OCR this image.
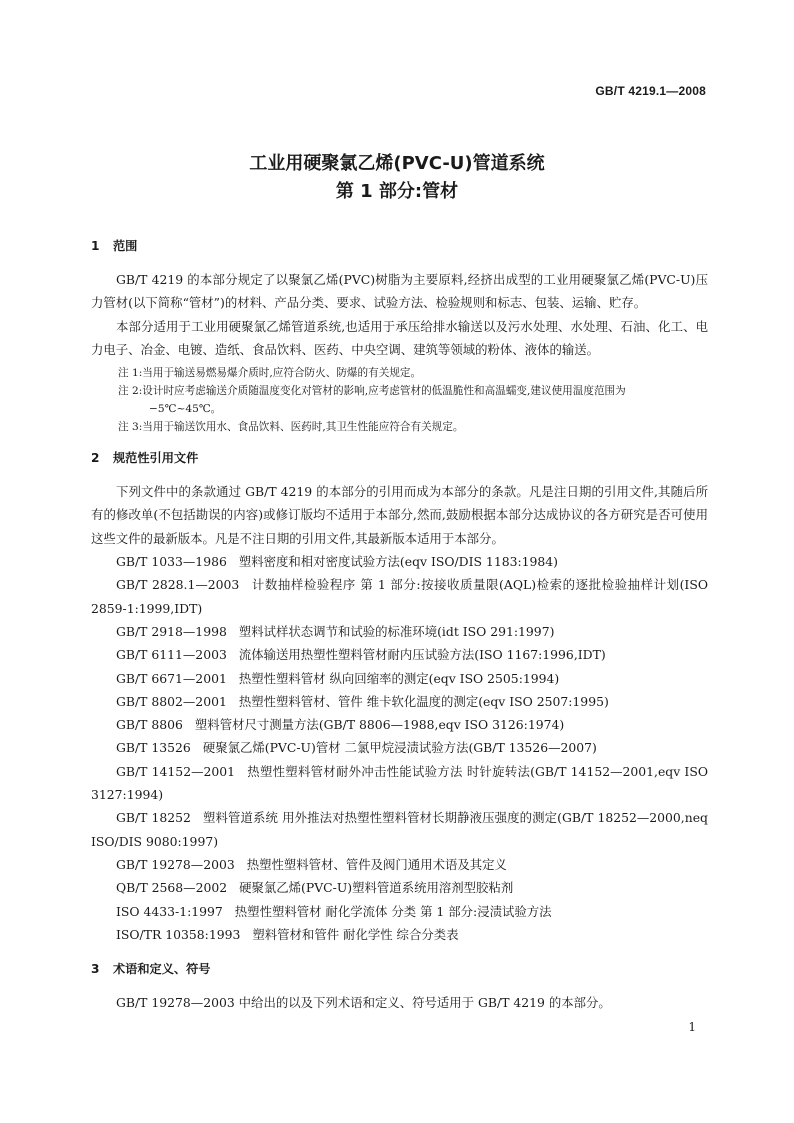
GB/T 4219.1—2008
工业用硬聚氯乙烯(PVC-U)管道系统
第 1 部分:管材
1 范围

GB/T 4219 的本部分规定了以聚氯乙烯(PVC)树脂为主要原料,经挤出成型的工业用硬聚氯乙烯(PVC-U)压力管材(以下简称“管材”)的材料、产品分类、要求、试验方法、检验规则和标志、包装、运输、贮存。

本部分适用于工业用硬聚氯乙烯管道系统,也适用于承压给排水输送以及污水处理、水处理、石油、化工、电力电子、冶金、电镀、造纸、食品饮料、医药、中央空调、建筑等领域的粉体、液体的输送。

注 1:当用于输送易燃易爆介质时,应符合防火、防爆的有关规定。

注 2:设计时应考虑输送介质随温度变化对管材的影响,应考虑管材的低温脆性和高温蠕变,建议使用温度范围为

−5℃~45℃。

注 3:当用于输送饮用水、食品饮料、医药时,其卫生性能应符合有关规定。

2 规范性引用文件

下列文件中的条款通过 GB/T 4219 的本部分的引用而成为本部分的条款。凡是注日期的引用文件,其随后所有的修改单(不包括勘误的内容)或修订版均不适用于本部分,然而,鼓励根据本部分达成协议的各方研究是否可使用这些文件的最新版本。凡是不注日期的引用文件,其最新版本适用于本部分。

GB/T 1033—1986 塑料密度和相对密度试验方法(eqv ISO/DIS 1183:1984)

GB/T 2828.1—2003 计数抽样检验程序 第 1 部分:按接收质量限(AQL)检索的逐批检验抽样计划(ISO 2859-1:1999,IDT)

GB/T 2918—1998 塑料试样状态调节和试验的标准环境(idt ISO 291:1997)

GB/T 6111—2003 流体输送用热塑性塑料管材耐内压试验方法(ISO 1167:1996,IDT)

GB/T 6671—2001 热塑性塑料管材 纵向回缩率的测定(eqv ISO 2505:1994)

GB/T 8802—2001 热塑性塑料管材、管件 维卡软化温度的测定(eqv ISO 2507:1995)

GB/T 8806 塑料管材尺寸测量方法(GB/T 8806—1988,eqv ISO 3126:1974)

GB/T 13526 硬聚氯乙烯(PVC-U)管材 二氯甲烷浸渍试验方法(GB/T 13526—2007)

GB/T 14152—2001 热塑性塑料管材耐外冲击性能试验方法 时针旋转法(GB/T 14152—2001,eqv ISO 3127:1994)

GB/T 18252 塑料管道系统 用外推法对热塑性塑料管材长期静液压强度的测定(GB/T 18252—2000,neq ISO/DIS 9080:1997)

GB/T 19278—2003 热塑性塑料管材、管件及阀门通用术语及其定义

QB/T 2568—2002 硬聚氯乙烯(PVC-U)塑料管道系统用溶剂型胶粘剂

ISO 4433-1:1997 热塑性塑料管材 耐化学流体 分类 第 1 部分:浸渍试验方法

ISO/TR 10358:1993 塑料管材和管件 耐化学性 综合分类表

3 术语和定义、符号

GB/T 19278—2003 中给出的以及下列术语和定义、符号适用于 GB/T 4219 的本部分。

1
